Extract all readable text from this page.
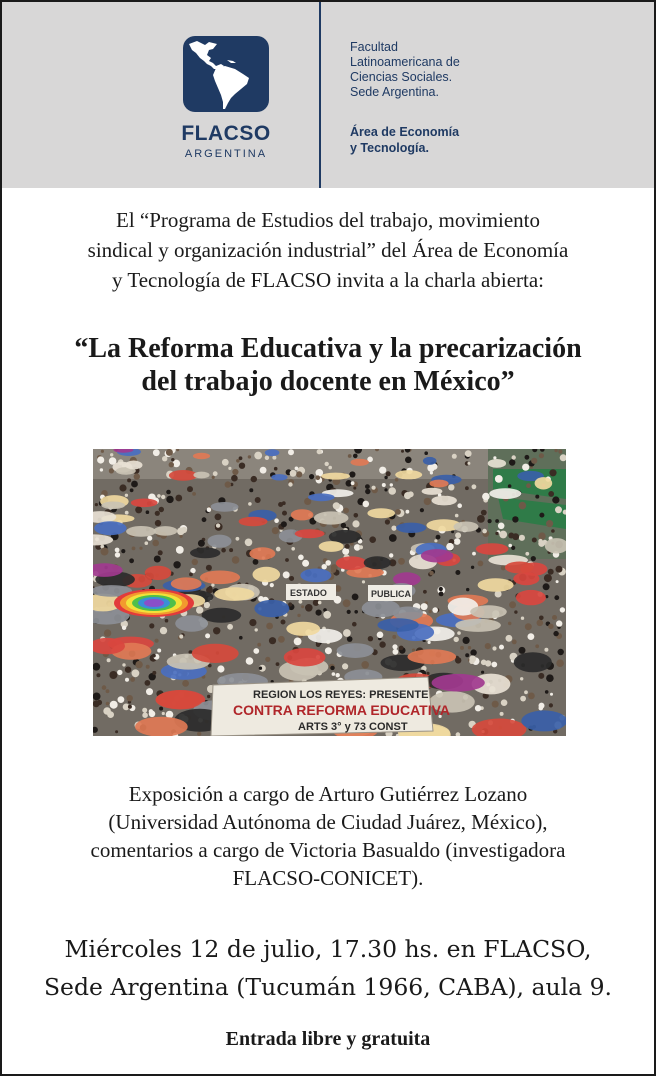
FLACSO
ARGENTINA
Facultad
Latinoamericana de
Ciencias Sociales.
Sede Argentina.
Área de Economía
y Tecnología.
El “Programa de Estudios del trabajo, movimiento
sindical y organización industrial” del Área de Economía
y Tecnología de FLACSO invita a la charla abierta:
“La Reforma Educativa y la precarización
del trabajo docente en México”
REGION LOS REYES: PRESENTE
CONTRA REFORMA EDUCATIVA
ARTS 3° y 73 CONST
ESTADO	PUBLICA
Exposición a cargo de Arturo Gutiérrez Lozano
(Universidad Autónoma de Ciudad Juárez, México),
comentarios a cargo de Victoria Basualdo (investigadora
FLACSO-CONICET).
Miércoles 12 de julio, 17.30 hs. en FLACSO,
Sede Argentina (Tucumán 1966, CABA), aula 9.
Entrada libre y gratuita
